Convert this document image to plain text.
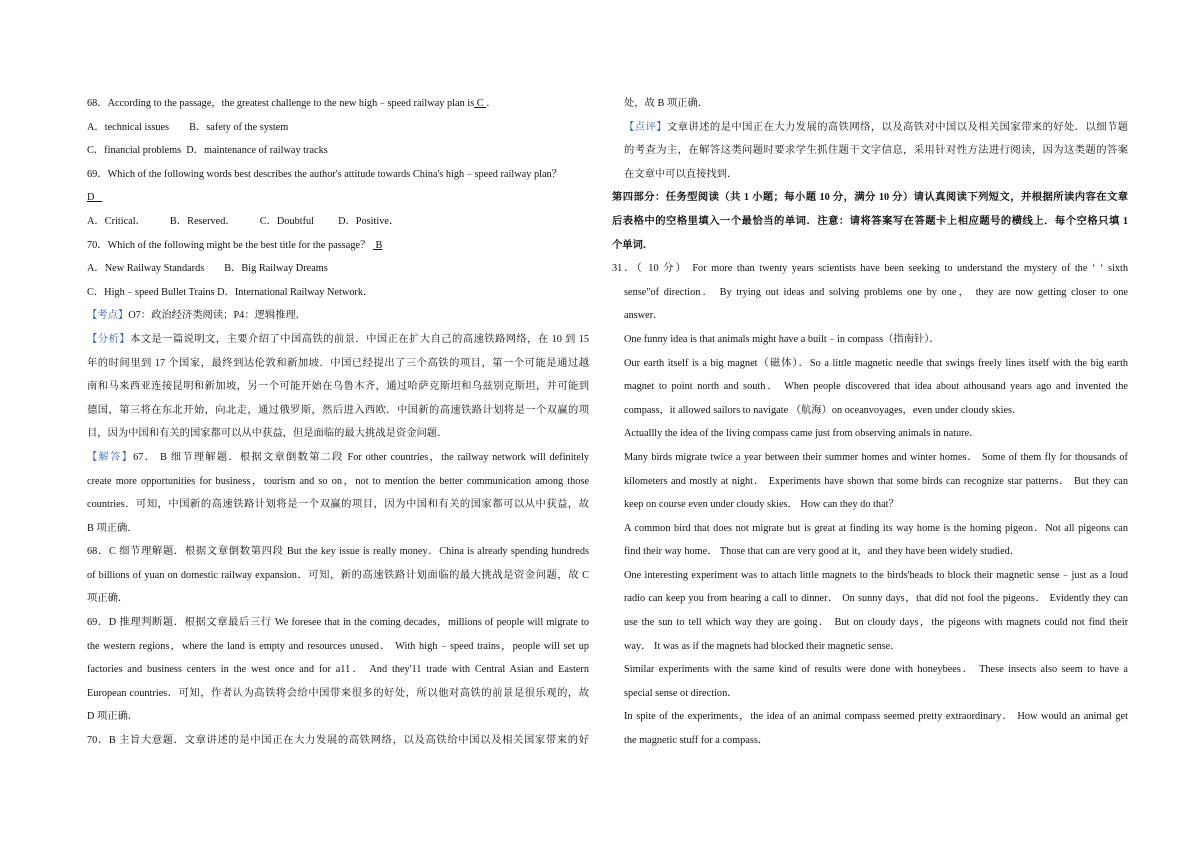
68．According to the passage，the greatest challenge to the new high﹣speed railway plan is C ．
A．technical issues B．safety of the system
C．financial problems D．maintenance of railway tracks
69．Which of the following words best describes the author's attitude towards China's high﹣speed railway plan？
D
A．Critical． B．Reserved． C．Doubtful D．Positive．
70．Which of the following might be the best title for the passage？  B
A．New Railway Standards B．Big Railway Dreams
C．High﹣speed Bullet Trains D．International Railway Network．
【考点】O7：政治经济类阅读；P4：逻辑推理．
【分析】本文是一篇说明文，主要介绍了中国高铁的前景．中国正在扩大自己的高速铁路网络，在 10 到 15
年的时间里到 17 个国家，最终到达伦敦和新加坡．中国已经提出了三个高铁的项目，第一个可能是通过越
南和马来西亚连接昆明和新加坡，另一个可能开始在乌鲁木齐，通过哈萨克斯坦和乌兹别克斯坦，并可能到
德国，第三将在东北开始，向北走，通过俄罗斯，然后进入西欧．中国新的高速铁路计划将是一个双赢的项
目，因为中国和有关的国家都可以从中获益，但是面临的最大挑战是资金问题．
【解答】67． B 细节理解题．根据文章倒数第二段 For other countries，the railway network will definitely
create more opportunities for business，tourism and so on，not to mention the better communication among those
countries．可知，中国新的高速铁路计划将是一个双赢的项目，因为中国和有关的国家都可以从中获益，故
B 项正确．
68．C 细节理解题．根据文章倒数第四段 But the key issue is really money．China is already spending hundreds
of billions of yuan on domestic railway expansion．可知，新的高速铁路计划面临的最大挑战是资金问题，故 C
项正确．
69．D 推理判断题．根据文章最后三行 We foresee that in the coming decades，millions of people will migrate to
the western regions，where the land is empty and resources unused． With high﹣speed trains，people will set up
factories and business centers in the west once and for a11． And they'11 trade with Central Asian and Eastern
European countries．可知，作者认为高铁将会给中国带来很多的好处，所以他对高铁的前景是很乐观的，故
D 项正确．
70．B 主旨大意题．文章讲述的是中国正在大力发展的高铁网络，以及高铁给中国以及相关国家带来的好
处，故 B 项正确．
【点评】文章讲述的是中国正在大力发展的高铁网络，以及高铁对中国以及相关国家带来的好处．以细节题
的考查为主，在解答这类问题时要求学生抓住题干文字信息，采用针对性方法进行阅读，因为这类题的答案
在文章中可以直接找到．
第四部分：任务型阅读（共 1 小题；每小题 10 分，满分 10 分）请认真阅读下列短文，并根据所读内容在文章
后表格中的空格里填入一个最恰当的单词．注意：请将答案写在答题卡上相应题号的横线上．每个空格只填 1
个单词．
31．（ 10 分） For more than twenty years scientists have been seeking to understand the mystery of the ‘ ‘ sixth
sense"of direction． By trying out ideas and solving problems one by one， they are now getting closer to one
answer．
One funny idea is that animals might have a built﹣in compass（指南针）．
Our earth itself is a big magnet（磁体）．So a little magnetic needle that swings freely lines itself with the big earth
magnet to point north and south． When people discovered that idea about athousand years ago and invented the
compass，it allowed sailors to navigate （航海）on oceanvoyages，even under cloudy skies．
Actuallly the idea of the living compass came just from observing animals in nature．
Many birds migrate twice a year between their summer homes and winter homes． Some of them fly for thousands of
kilometers and mostly at night． Experiments have shown that some birds can recognize star patterns． But they can
keep on course even under cloudy skies． How can they do that？
A common bird that does not migrate but is great at finding its way home is the homing pigeon．Not all pigeons can
find their way home． Those that can are very good at it，and they have been widely studied．
One interesting experiment was to attach little magnets to the birds'heads to block their magnetic sense﹣just as a loud
radio can keep you from hearing a call to dinner． On sunny days，that did not fool the pigeons． Evidently they can
use the sun to tell which way they are going． But on cloudy days，the pigeons with magnets could not find their
way． It was as if the magnets had blocked their magnetic sense．
Similar experiments with the same kind of results were done with honeybees． These insects also seem to have a
special sense ot direction．
In spite of the experiments，the idea of an animal compass seemed pretty extraordinary． How would an animal get
the magnetic stuff for a compass．
